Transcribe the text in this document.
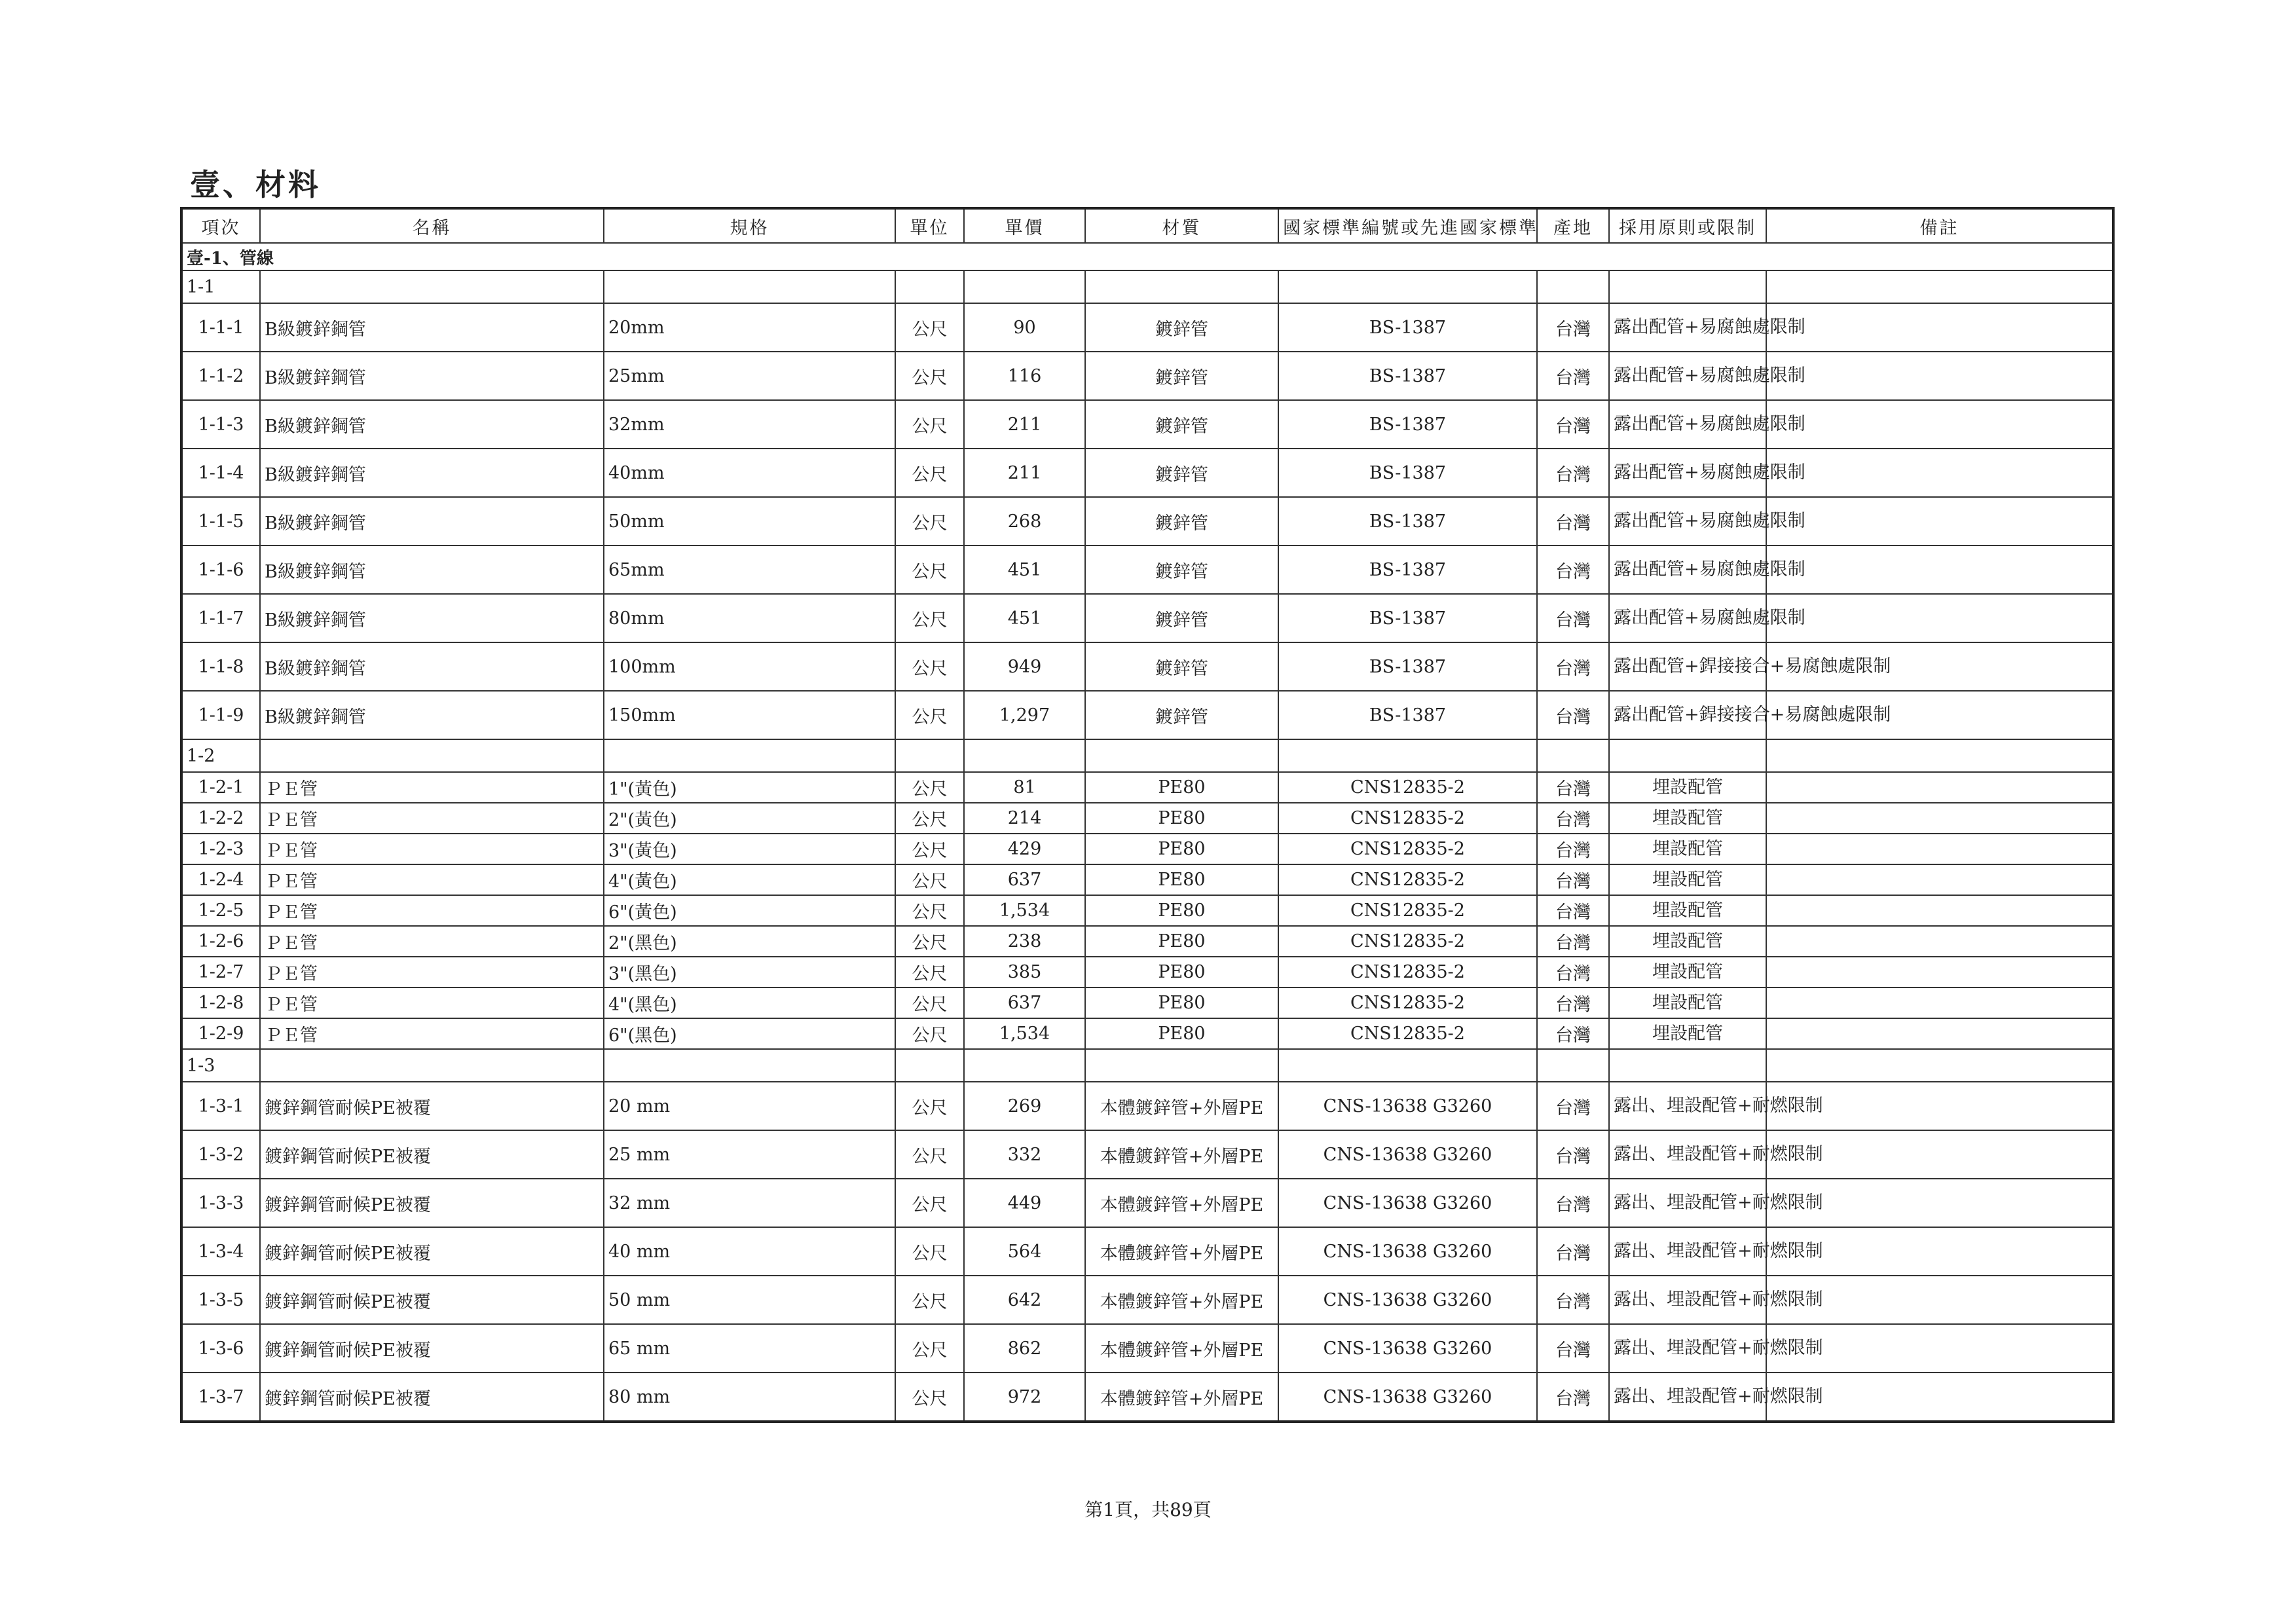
壹、材料
項次	名稱	規格	單位	單價	材質	國家標準編號或先進國家標準	產地	採用原則或限制	備註
壹-1、管線									
1-1									
1-1-1	B級鍍鋅鋼管	20mm	公尺	90	鍍鋅管	BS-1387	台灣	露出配管+易腐蝕處限制	
1-1-2	B級鍍鋅鋼管	25mm	公尺	116	鍍鋅管	BS-1387	台灣	露出配管+易腐蝕處限制	
1-1-3	B級鍍鋅鋼管	32mm	公尺	211	鍍鋅管	BS-1387	台灣	露出配管+易腐蝕處限制	
1-1-4	B級鍍鋅鋼管	40mm	公尺	211	鍍鋅管	BS-1387	台灣	露出配管+易腐蝕處限制	
1-1-5	B級鍍鋅鋼管	50mm	公尺	268	鍍鋅管	BS-1387	台灣	露出配管+易腐蝕處限制	
1-1-6	B級鍍鋅鋼管	65mm	公尺	451	鍍鋅管	BS-1387	台灣	露出配管+易腐蝕處限制	
1-1-7	B級鍍鋅鋼管	80mm	公尺	451	鍍鋅管	BS-1387	台灣	露出配管+易腐蝕處限制	
1-1-8	B級鍍鋅鋼管	100mm	公尺	949	鍍鋅管	BS-1387	台灣	露出配管+銲接接合+易腐蝕處限制	
1-1-9	B級鍍鋅鋼管	150mm	公尺	1,297	鍍鋅管	BS-1387	台灣	露出配管+銲接接合+易腐蝕處限制	
1-2									
1-2-1	ＰＥ管	1"(黃色)	公尺	81	PE80	CNS12835-2	台灣	埋設配管	
1-2-2	ＰＥ管	2"(黃色)	公尺	214	PE80	CNS12835-2	台灣	埋設配管	
1-2-3	ＰＥ管	3"(黃色)	公尺	429	PE80	CNS12835-2	台灣	埋設配管	
1-2-4	ＰＥ管	4"(黃色)	公尺	637	PE80	CNS12835-2	台灣	埋設配管	
1-2-5	ＰＥ管	6"(黃色)	公尺	1,534	PE80	CNS12835-2	台灣	埋設配管	
1-2-6	ＰＥ管	2"(黑色)	公尺	238	PE80	CNS12835-2	台灣	埋設配管	
1-2-7	ＰＥ管	3"(黑色)	公尺	385	PE80	CNS12835-2	台灣	埋設配管	
1-2-8	ＰＥ管	4"(黑色)	公尺	637	PE80	CNS12835-2	台灣	埋設配管	
1-2-9	ＰＥ管	6"(黑色)	公尺	1,534	PE80	CNS12835-2	台灣	埋設配管	
1-3									
1-3-1	鍍鋅鋼管耐候PE被覆	20 mm	公尺	269	本體鍍鋅管+外層PE	CNS-13638 G3260	台灣	露出、埋設配管+耐燃限制	
1-3-2	鍍鋅鋼管耐候PE被覆	25 mm	公尺	332	本體鍍鋅管+外層PE	CNS-13638 G3260	台灣	露出、埋設配管+耐燃限制	
1-3-3	鍍鋅鋼管耐候PE被覆	32 mm	公尺	449	本體鍍鋅管+外層PE	CNS-13638 G3260	台灣	露出、埋設配管+耐燃限制	
1-3-4	鍍鋅鋼管耐候PE被覆	40 mm	公尺	564	本體鍍鋅管+外層PE	CNS-13638 G3260	台灣	露出、埋設配管+耐燃限制	
1-3-5	鍍鋅鋼管耐候PE被覆	50 mm	公尺	642	本體鍍鋅管+外層PE	CNS-13638 G3260	台灣	露出、埋設配管+耐燃限制	
1-3-6	鍍鋅鋼管耐候PE被覆	65 mm	公尺	862	本體鍍鋅管+外層PE	CNS-13638 G3260	台灣	露出、埋設配管+耐燃限制	
1-3-7	鍍鋅鋼管耐候PE被覆	80 mm	公尺	972	本體鍍鋅管+外層PE	CNS-13638 G3260	台灣	露出、埋設配管+耐燃限制	
第1頁，共89頁
